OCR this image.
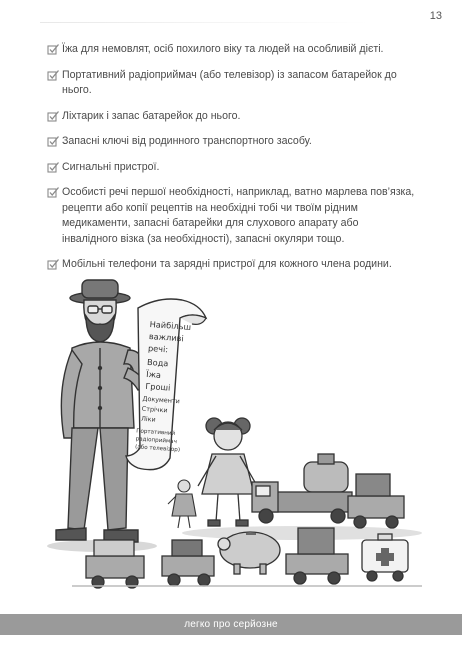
13
Їжа для немовлят, осіб похилого віку та людей на особливій дієті.
Портативний радіоприймач (або телевізор) із запасом батарейок до нього.
Ліхтарик і запас батарейок до нього.
Запасні ключі від родинного транспортного засобу.
Сигнальні пристрої.
Особисті речі першої необхідності, наприклад, ватно марлева пов’язка, рецепти або копії рецептів на необхідні тобі чи твоїм рідним медикаменти, запасні батарейки для слухового апарату або інвалідного візка (за необхідності), запасні окуляри тощо.
Мобільні телефони та зарядні пристрої для кожного члена родини.
Найбільш
важливі
речі:
Вода
Їжа
Гроші
Документи
Стрічки
Ліки
Портативний
радіоприймач
(або телевізор)
легко про серйозне
